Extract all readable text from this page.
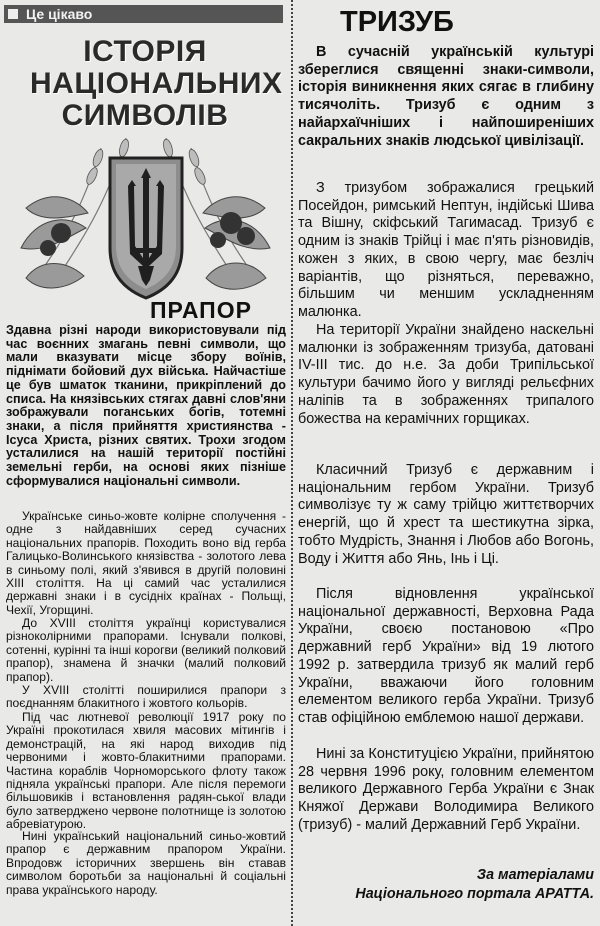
Це цікаво
ІСТОРІЯ
НАЦІОНАЛЬНИХ
СИМВОЛІВ
ПРАПОР

Здавна різні народи використовували під час воєнних змагань певні символи, що мали вказувати місце збору воїнів, піднімати бойовий дух війська. Найчастіше це був шматок тканини, прикріплений до списа. На князівських стягах давні слов'яни зображували поганських богів, тотемні знаки, а після прийняття християнства - Ісуса Христа, різних святих. Трохи згодом усталилися на нашій території постійні земельні герби, на основі яких пізніше сформувалися національні символи.

Українське синьо-жовте колірне сполучення - одне з найдавніших серед сучасних національних прапорів. Походить воно від герба Галицько-Волинського князівства - золотого лева в синьому полі, який з'явився в другій половині XIII століття. На ці самий час усталилися державні знаки і в сусідніх країнах - Польщі, Чехії, Угорщині.

До XVIII століття українці користувалися різноколірними прапорами. Існували полкові, сотенні, курінні та інші корогви (великий полковий прапор), знамена й значки (малий полковий прапор).

У XVIII столітті поширилися прапори з поєднанням блакитного і жовтого кольорів.

Під час лютневої революції 1917 року по Україні прокотилася хвиля масових мітингів і демонстрацій, на які народ виходив під червоними і жовто-блакитними прапорами. Частина кораблів Чорноморського флоту також підняла українські прапори. Але після перемоги більшовиків і встановлення радян-ської влади було затверджено червоне полотнище із золотою абревіатурою.

Нині український національний синьо-жовтий прапор є державним прапором України. Впродовж історичних звершень він ставав символом боротьби за національні й соціальні права українського народу.

ТРИЗУБ

В сучасній українській культурі збереглися священні знаки-символи, історія виникнення яких сягає в глибину тисячоліть. Тризуб є одним з найархаїчніших і найпоширеніших сакральних знаків людської цивілізації.

З тризубом зображалися грецький Посейдон, римський Нептун, індійські Шива та Вішну, скіфський Тагимасад. Тризуб є одним із знаків Трійці і має п'ять різновидів, кожен з яких, в свою чергу, має безліч варіантів, що різняться, переважно, більшим чи меншим ускладненням малюнка.

На території України знайдено наскельні малюнки із зображенням тризуба, датовані IV-III тис. до н.е. За доби Трипільської культури бачимо його у вигляді рельєфних наліпів та в зображеннях трипалого божества на керамічних горщиках.

Класичний Тризуб є державним і національним гербом України. Тризуб символізує ту ж саму трійцю життєтворчих енергій, що й хрест та шестикутна зірка, тобто Мудрість, Знання і Любов або Вогонь, Воду і Життя або Янь, Інь і Ці.

Після відновлення української національної державності, Верховна Рада України, своєю постановою «Про державний герб України» від 19 лютого 1992 р. затвердила тризуб як малий герб України, вважаючи його головним елементом великого герба України. Тризуб став офіційною емблемою нашої держави.

Нині за Конституцією України, прийнятою 28 червня 1996 року, головним елементом великого Державного Герба України є Знак Княжої Держави Володимира Великого (тризуб) - малий Державний Герб України.

За матеріалами
Національного портала АРАТТА.
